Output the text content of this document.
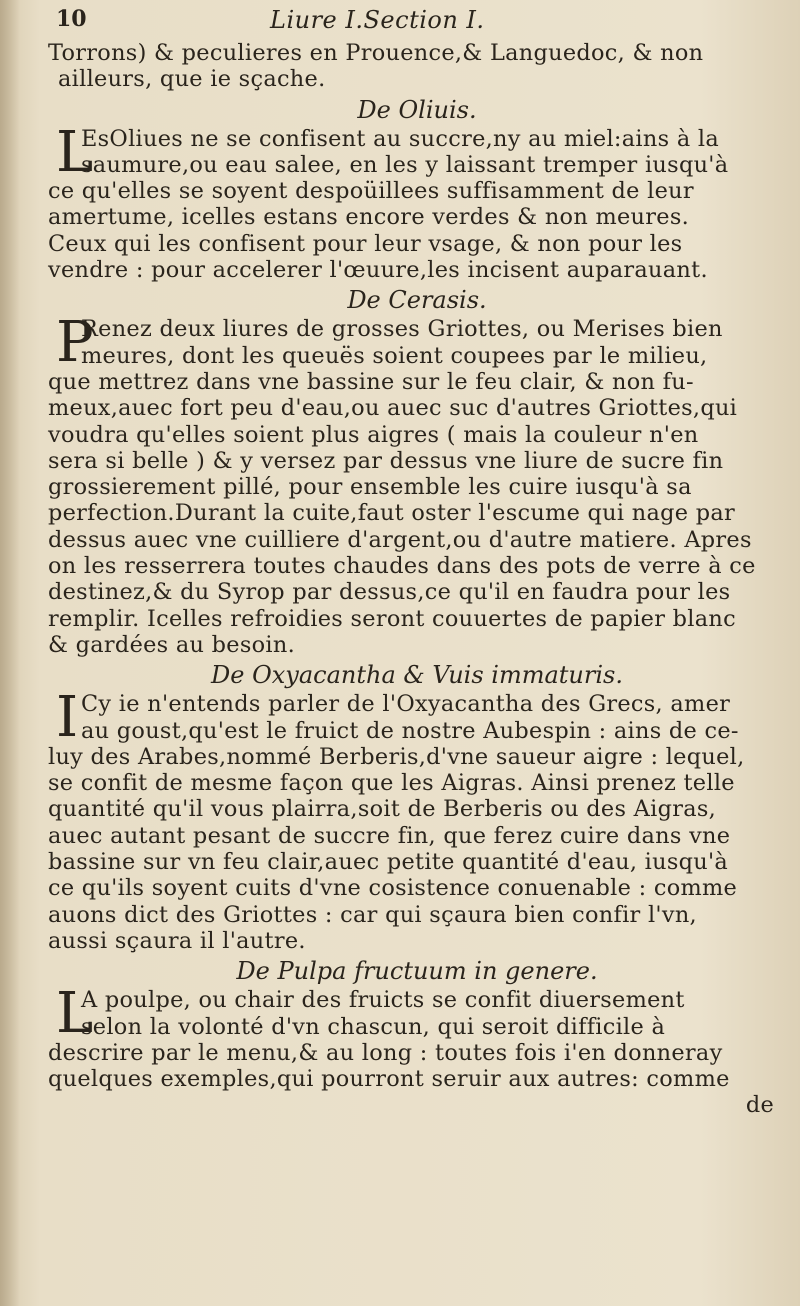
10	Liure I.Section I.
Torrons) & peculieres en Prouence,& Languedoc, & non
ailleurs, que ie sçache.
De Oliuis.
L
EsOliues ne se confisent au succre,ny au miel:ains à la
saumure,ou eau salee, en les y laissant tremper iusqu'à
ce qu'elles se soyent despoüillees suffisamment de leur
amertume, icelles estans encore verdes & non meures.
Ceux qui les confisent pour leur vsage, & non pour les
vendre : pour accelerer l'œuure,les incisent auparauant.
De Cerasis.
P
Renez deux liures de grosses Griottes, ou Merises bien
meures, dont les queuës soient coupees par le milieu,
que mettrez dans vne bassine sur le feu clair, & non fu-
meux,auec fort peu d'eau,ou auec suc d'autres Griottes,qui
voudra qu'elles soient plus aigres ( mais la couleur n'en
sera si belle ) & y versez par dessus vne liure de sucre fin
grossierement pillé, pour ensemble les cuire iusqu'à sa
perfection.Durant la cuite,faut oster l'escume qui nage par
dessus auec vne cuilliere d'argent,ou d'autre matiere. Apres
on les resserrera toutes chaudes dans des pots de verre à ce
destinez,& du Syrop par dessus,ce qu'il en faudra pour les
remplir. Icelles refroidies seront couuertes de papier blanc
& gardées au besoin.
De Oxyacantha & Vuis immaturis.
I Cy ie n'entends parler de l'Oxyacantha des Grecs, amer
au goust,qu'est le fruict de nostre Aubespin : ains de ce-
luy des Arabes,nommé Berberis,d'vne saueur aigre : lequel,
se confit de mesme façon que les Aigras. Ainsi prenez telle
quantité qu'il vous plairra,soit de Berberis ou des Aigras,
auec autant pesant de succre fin, que ferez cuire dans vne
bassine sur vn feu clair,auec petite quantité d'eau, iusqu'à
ce qu'ils soyent cuits d'vne cosistence conuenable : comme
auons dict des Griottes : car qui sçaura bien confir l'vn,
aussi sçaura il l'autre.
De Pulpa fructuum in genere.
L
A poulpe, ou chair des fruicts se confit diuersement
selon la volonté d'vn chascun, qui seroit difficile à
descrire par le menu,& au long : toutes fois i'en donneray
quelques exemples,qui pourront seruir aux autres: comme
de
